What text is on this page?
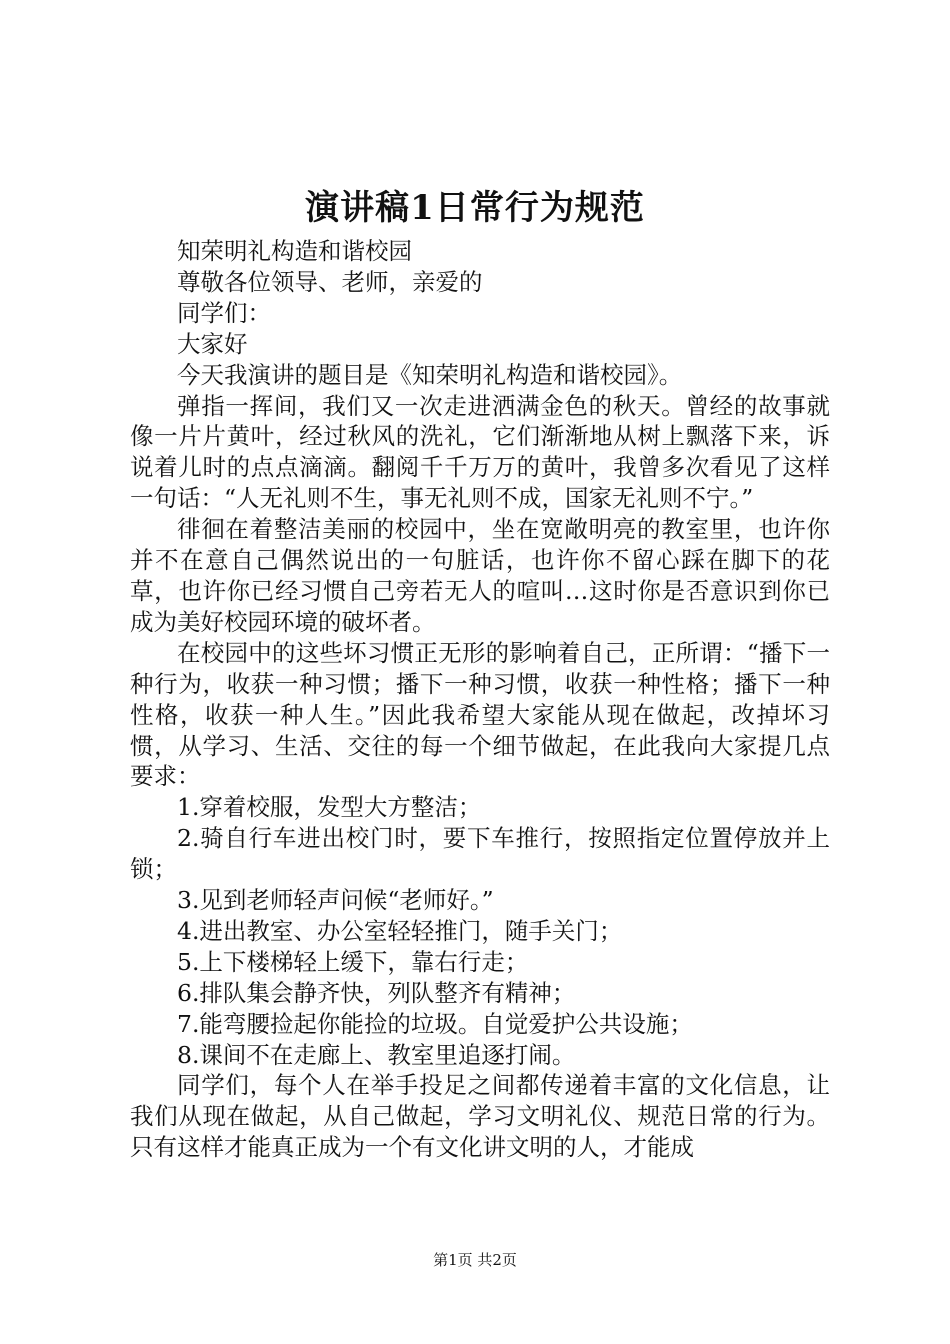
演讲稿1日常行为规范

知荣明礼构造和谐校园

尊敬各位领导、老师，亲爱的

同学们：

大家好

今天我演讲的题目是《知荣明礼构造和谐校园》。

弹指一挥间，我们又一次走进洒满金色的秋天。曾经的故事就像一片片黄叶，经过秋风的洗礼，它们渐渐地从树上飘落下来，诉说着儿时的点点滴滴。翻阅千千万万的黄叶，我曾多次看见了这样一句话：“人无礼则不生，事无礼则不成，国家无礼则不宁。”

徘徊在着整洁美丽的校园中，坐在宽敞明亮的教室里，也许你并不在意自己偶然说出的一句脏话，也许你不留心踩在脚下的花草，也许你已经习惯自己旁若无人的喧叫…这时你是否意识到你已成为美好校园环境的破坏者。

在校园中的这些坏习惯正无形的影响着自己，正所谓：“播下一种行为，收获一种习惯；播下一种习惯，收获一种性格；播下一种性格，收获一种人生。”因此我希望大家能从现在做起，改掉坏习惯，从学习、生活、交往的每一个细节做起，在此我向大家提几点要求：

1.穿着校服，发型大方整洁；

2.骑自行车进出校门时，要下车推行，按照指定位置停放并上锁；

3.见到老师轻声问候“老师好。”

4.进出教室、办公室轻轻推门，随手关门；

5.上下楼梯轻上缓下，靠右行走；

6.排队集会静齐快，列队整齐有精神；

7.能弯腰捡起你能捡的垃圾。自觉爱护公共设施；

8.课间不在走廊上、教室里追逐打闹。

同学们，每个人在举手投足之间都传递着丰富的文化信息，让我们从现在做起，从自己做起，学习文明礼仪、规范日常的行为。只有这样才能真正成为一个有文化讲文明的人，才能成

第1页 共2页
